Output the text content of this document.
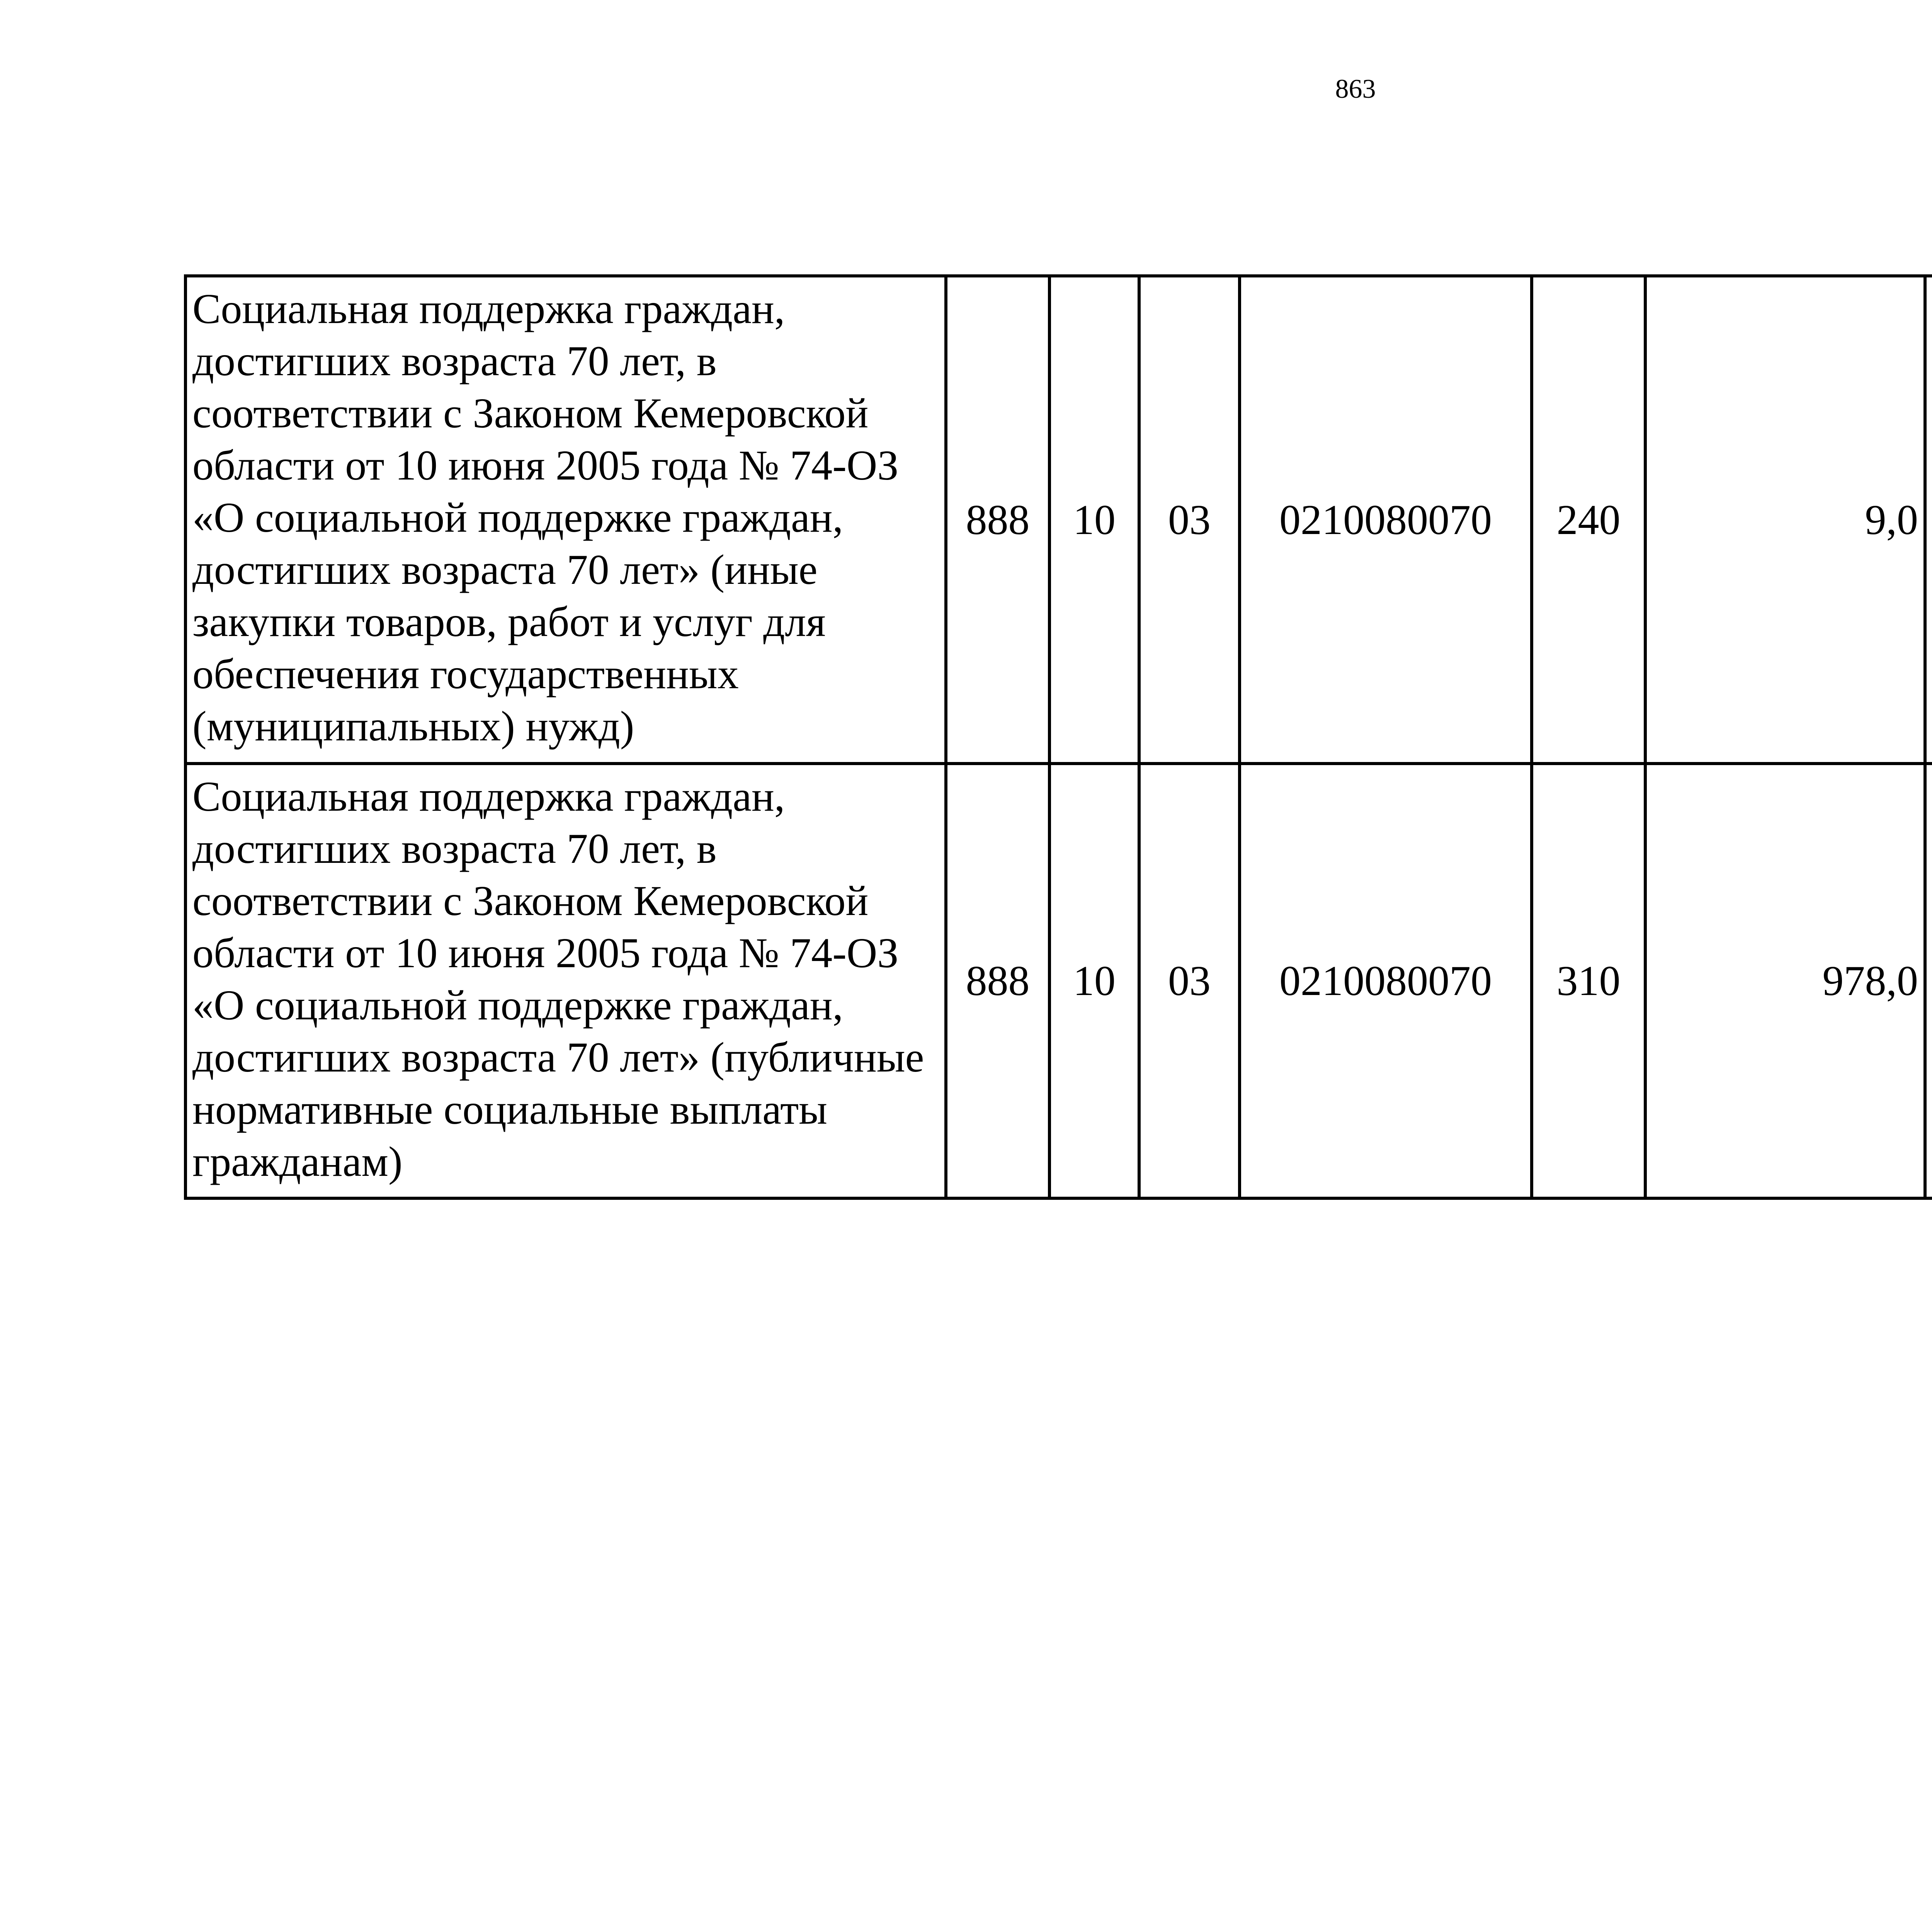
863
Социальная поддержка граждан, достигших возраста 70 лет, в соответствии с Законом Кемеровской области от 10 июня 2005 года № 74-ОЗ «О социальной поддержке граждан, достигших возраста 70 лет» (иные закупки товаров, работ и услуг для обеспечения государственных (муниципальных) нужд)	888	10	03	0210080070	240	9,0		
Социальная поддержка граждан, достигших возраста 70 лет, в соответствии с Законом Кемеровской области от 10 июня 2005 года № 74-ОЗ «О социальной поддержке граждан, достигших возраста 70 лет» (публичные нормативные социальные выплаты гражданам)	888	10	03	0210080070	310	978,0		
